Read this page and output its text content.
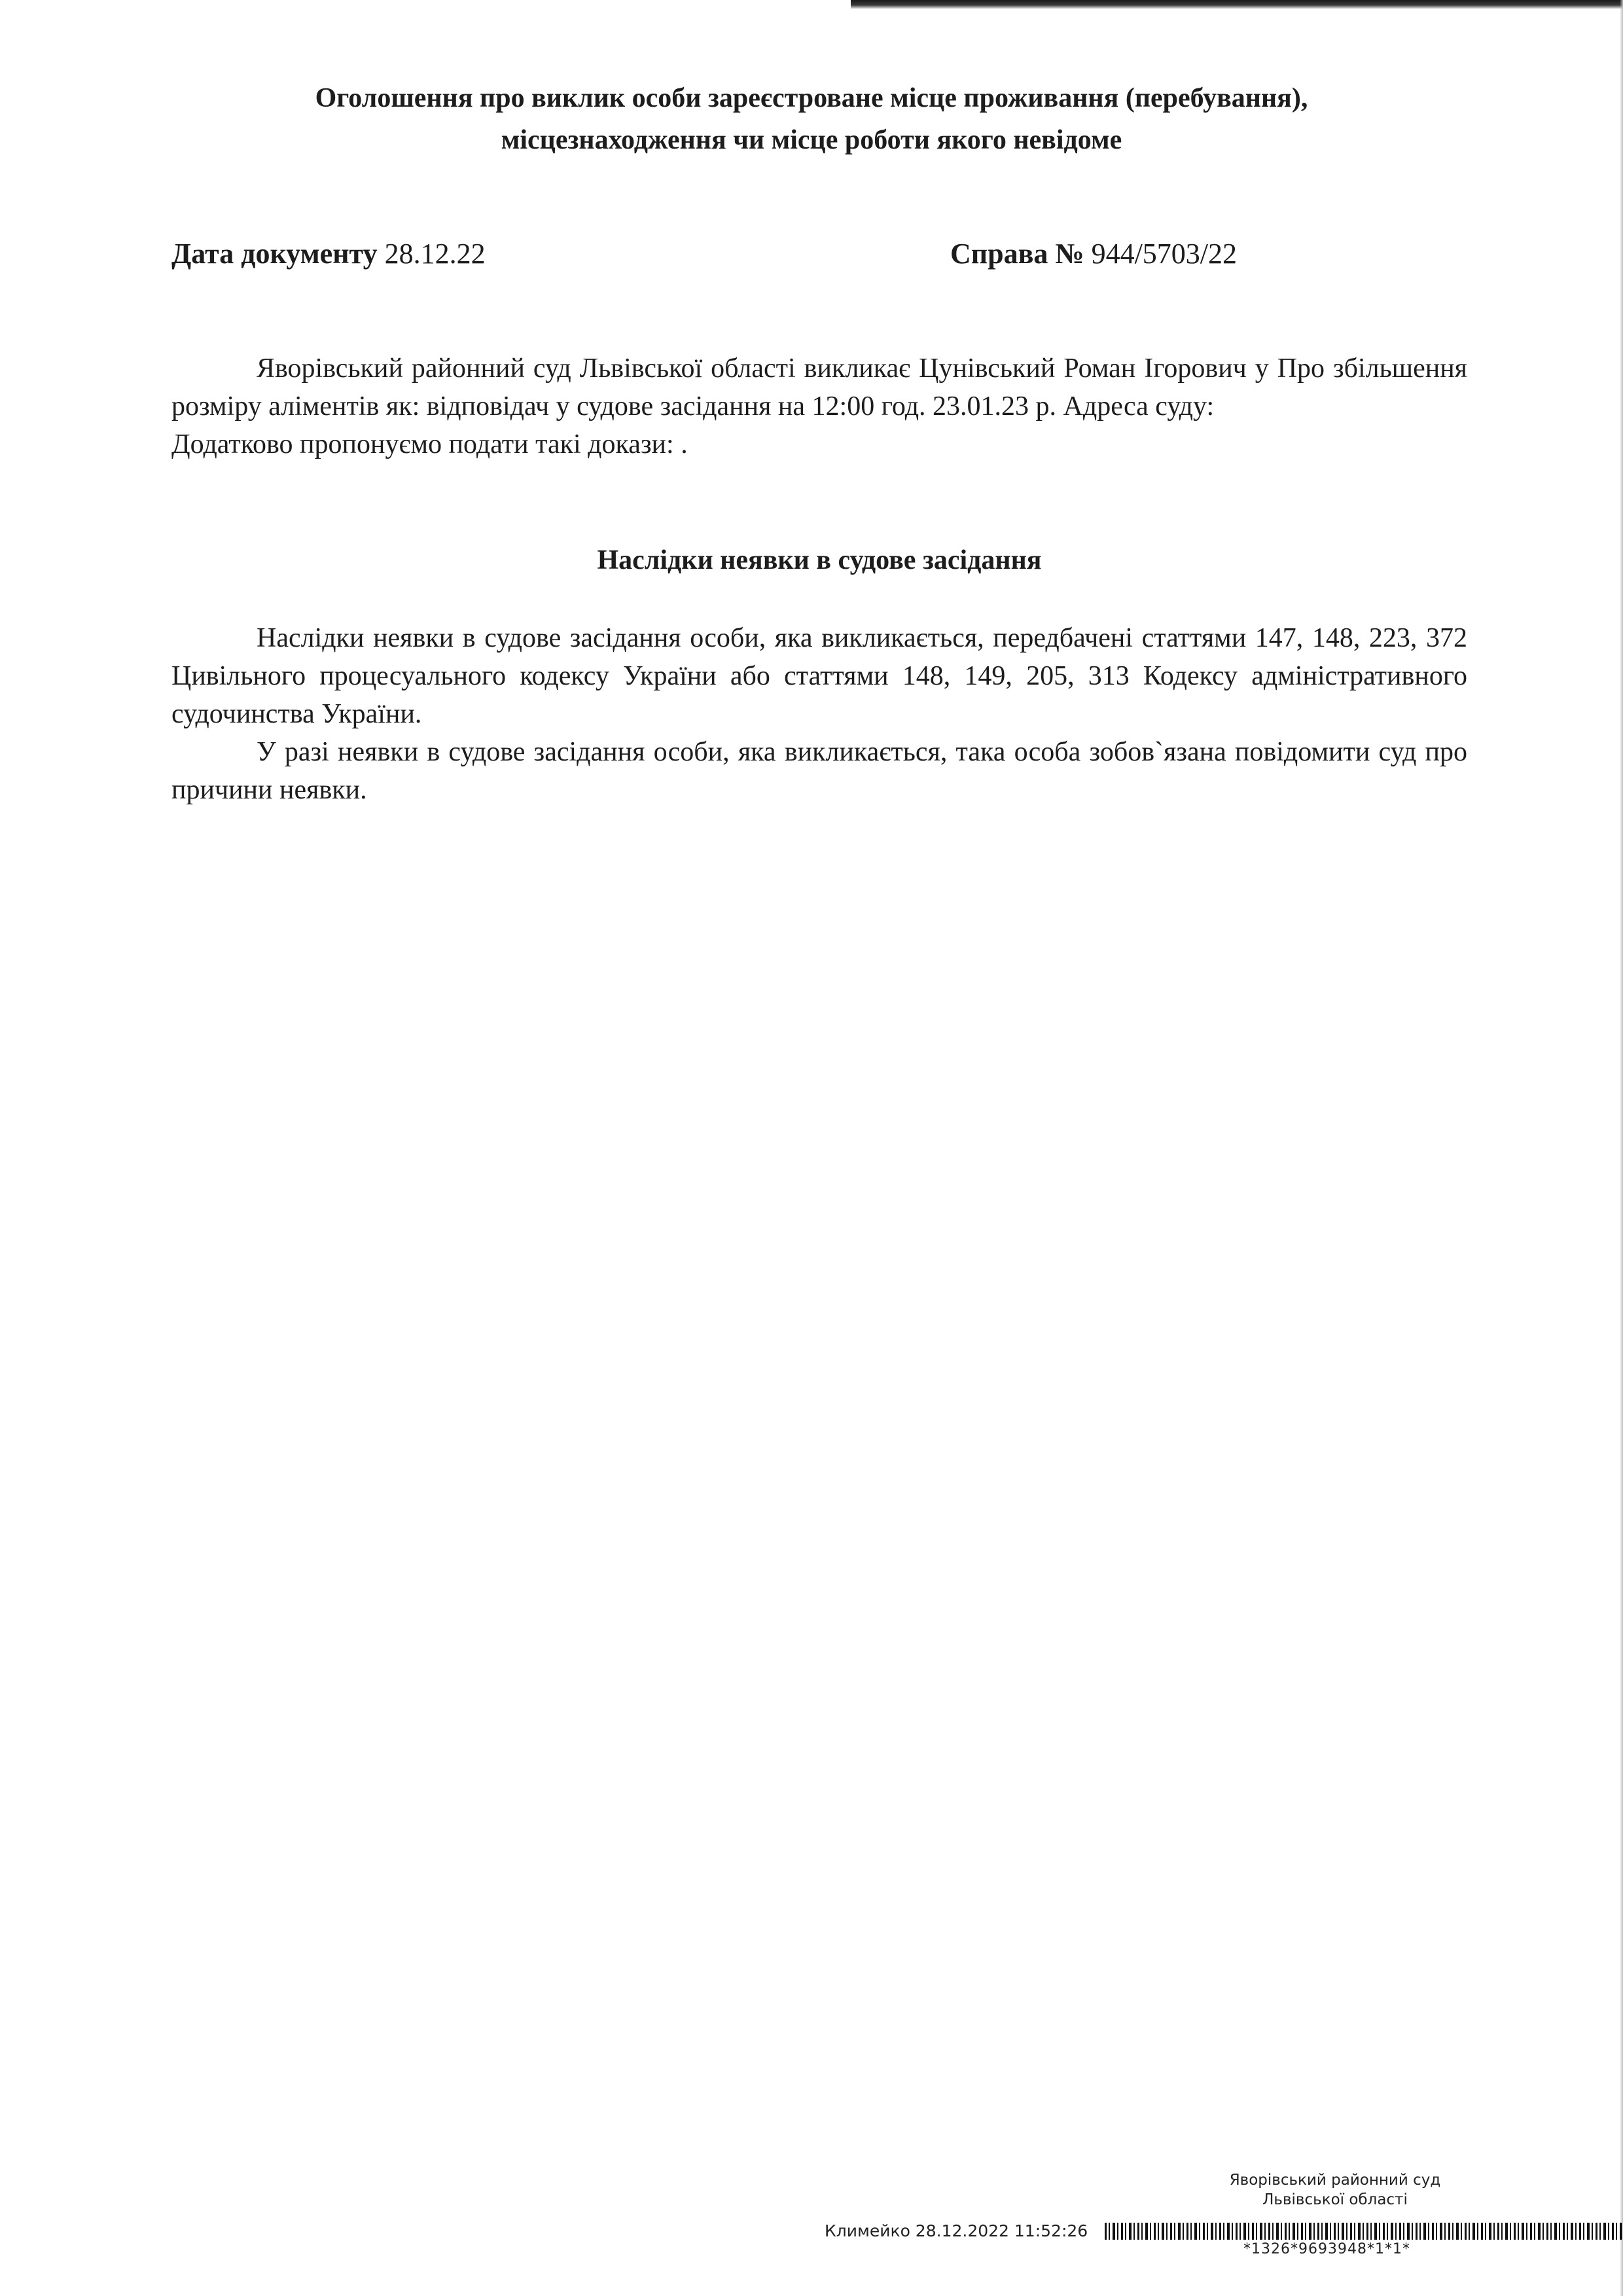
Оголошення про виклик особи зареєстроване місце проживання (перебування),
місцезнаходження чи місце роботи якого невідоме
Дата документу 28.12.22	Справа № 944/5703/22

Яворівський районний суд Львівської області викликає Цунівський Роман Ігорович у Про збільшення розміру аліментів як: відповідач у судове засідання на 12:00 год. 23.01.23 р. Адреса суду:

Додатково пропонуємо подати такі докази: .

Наслідки неявки в судове засідання

Наслідки неявки в судове засідання особи, яка викликається, передбачені статтями 147, 148, 223, 372 Цивільного процесуального кодексу України або статтями 148, 149, 205, 313 Кодексу адміністративного судочинства України.

У разі неявки в судове засідання особи, яка викликається, така особа зобов`язана повідомити суд про причини неявки.

Яворівський районний суд
Львівської області
Климейко 28.12.2022 11:52:26
*1326*9693948*1*1*
